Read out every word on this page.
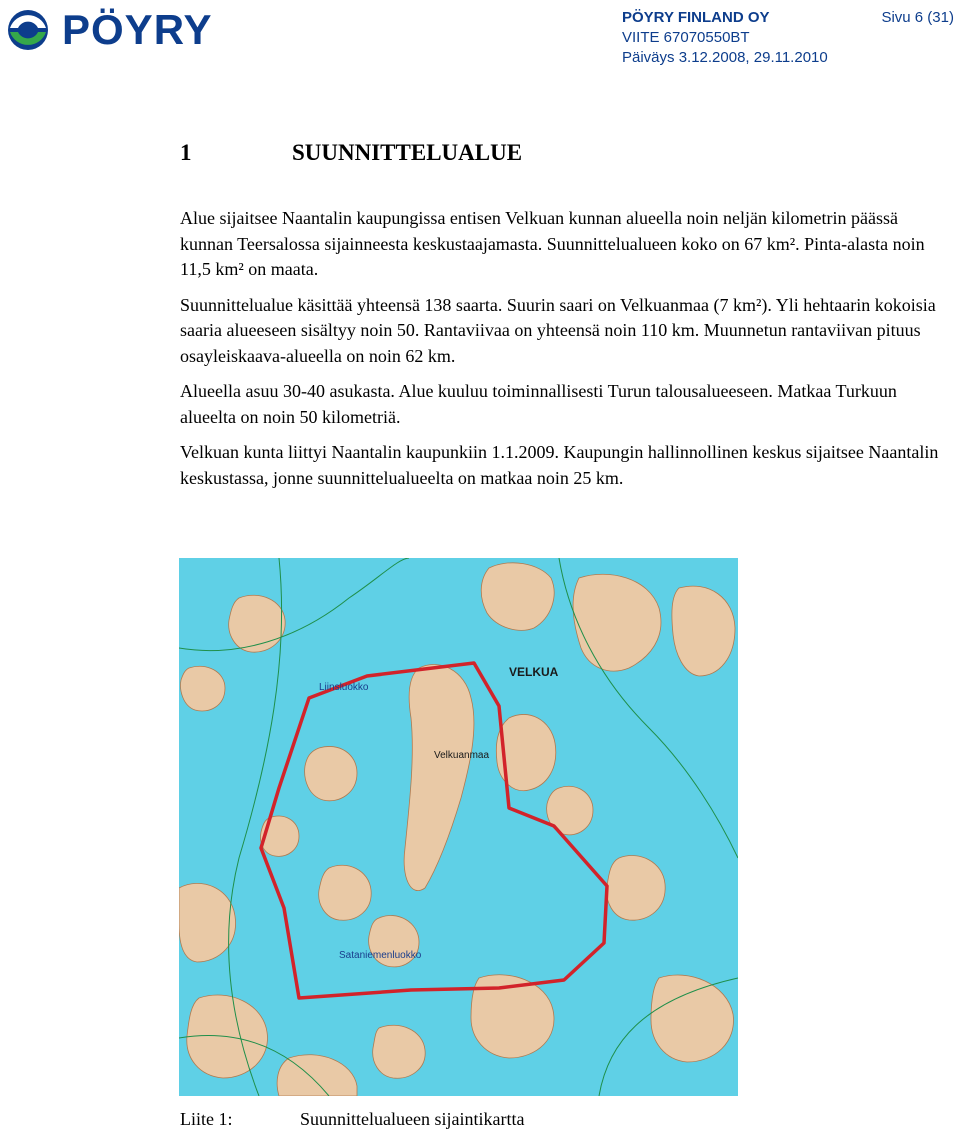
PÖYRY	PÖYRY FINLAND OY
VIITE 67070550BT
Päiväys 3.12.2008, 29.11.2010
Sivu 6 (31)
1	SUUNNITTELUALUE

Alue sijaitsee Naantalin kaupungissa entisen Velkuan kunnan alueella noin neljän kilometrin päässä kunnan Teersalossa sijainneesta keskustaajamasta. Suunnittelualueen koko on 67 km². Pinta-alasta noin 11,5 km² on maata.

Suunnittelualue käsittää yhteensä 138 saarta. Suurin saari on Velkuanmaa (7 km²). Yli hehtaarin kokoisia saaria alueeseen sisältyy noin 50. Rantaviivaa on yhteensä noin 110 km. Muunnetun rantaviivan pituus osayleiskaava-alueella on noin 62 km.

Alueella asuu 30-40 asukasta. Alue kuuluu toiminnallisesti Turun talousalueeseen. Matkaa Turkuun alueelta on noin 50 kilometriä.

Velkuan kunta liittyi Naantalin kaupunkiin 1.1.2009. Kaupungin hallinnollinen keskus sijaitsee Naantalin keskustassa, jonne suunnittelualueelta on matkaa noin 25 km.

VELKUA
Velkuanmaa
Liinsluokko
Sataniemenluokko
Liite 1:	Suunnittelualueen sijaintikartta
